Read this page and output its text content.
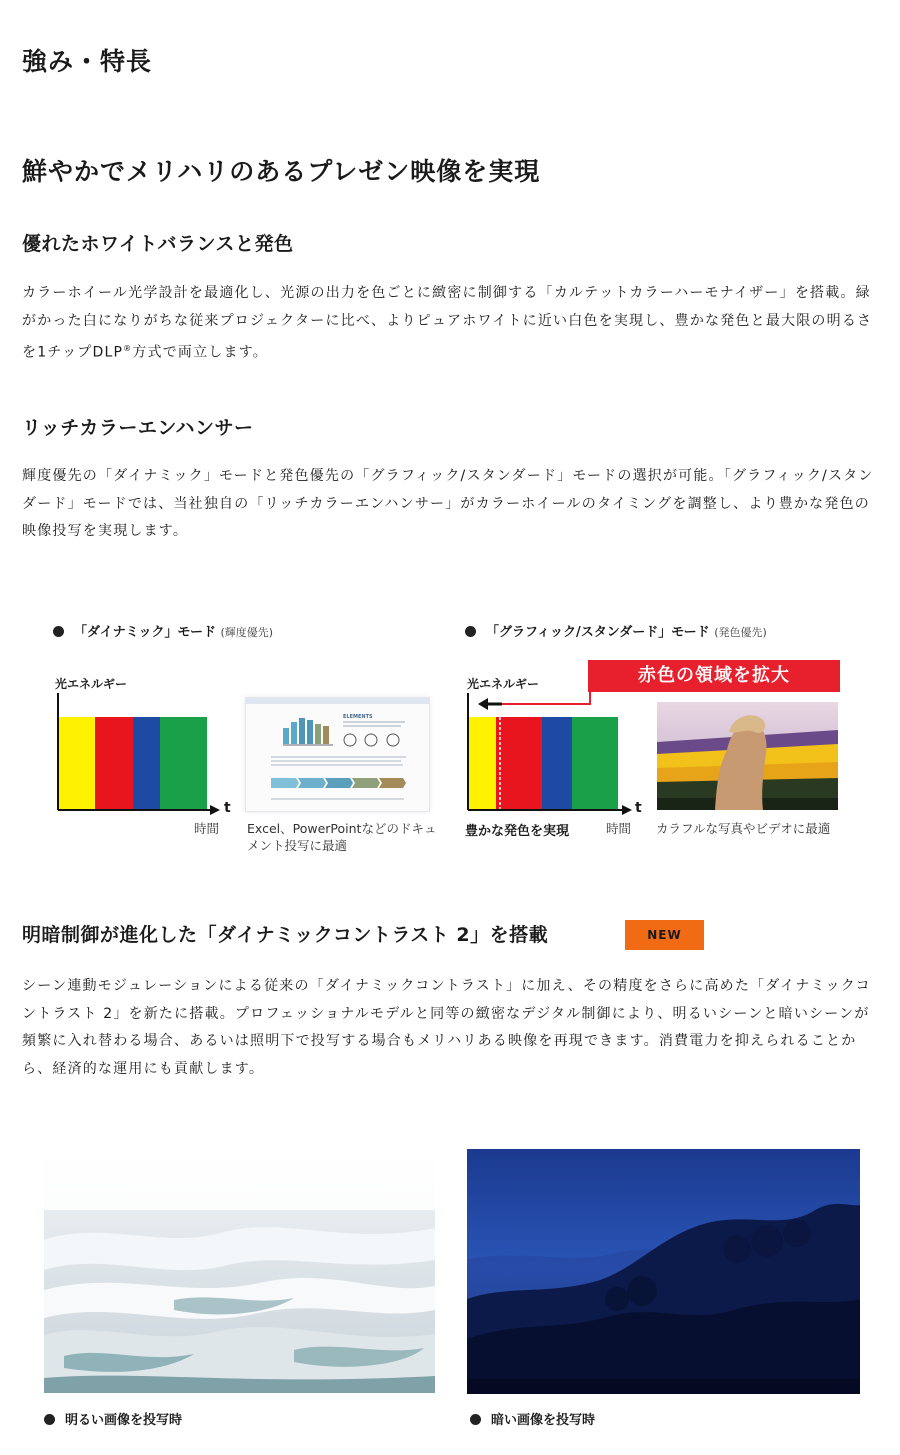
強み・特長
鮮やかでメリハリのあるプレゼン映像を実現
優れたホワイトバランスと発色

カラーホイール光学設計を最適化し、光源の出力を色ごとに緻密に制御する「カルテットカラーハーモナイザー」を搭載。緑がかった白になりがちな従来プロジェクターに比べ、よりピュアホワイトに近い白色を実現し、豊かな発色と最大限の明るさを1チップDLP®方式で両立します。

リッチカラーエンハンサー

輝度優先の「ダイナミック」モードと発色優先の「グラフィック/スタンダード」モードの選択が可能。「グラフィック/スタンダード」モードでは、当社独自の「リッチカラーエンハンサー」がカラーホイールのタイミングを調整し、より豊かな発色の映像投写を実現します。

「ダイナミック」モード (輝度優先)
光エネルギー
t
時間
ELEMENTS
Excel、PowerPointなどのドキュメント投写に最適
「グラフィック/スタンダード」モード (発色優先)
光エネルギー	赤色の領域を拡大
t
豊かな発色を実現	時間 カラフルな写真やビデオに最適
明暗制御が進化した「ダイナミックコントラスト 2」を搭載	NEW

シーン連動モジュレーションによる従来の「ダイナミックコントラスト」に加え、その精度をさらに高めた「ダイナミックコントラスト 2」を新たに搭載。プロフェッショナルモデルと同等の緻密なデジタル制御により、明るいシーンと暗いシーンが頻繁に入れ替わる場合、あるいは照明下で投写する場合もメリハリある映像を再現できます。消費電力を抑えられることから、経済的な運用にも貢献します。

明るい画像を投写時	暗い画像を投写時
